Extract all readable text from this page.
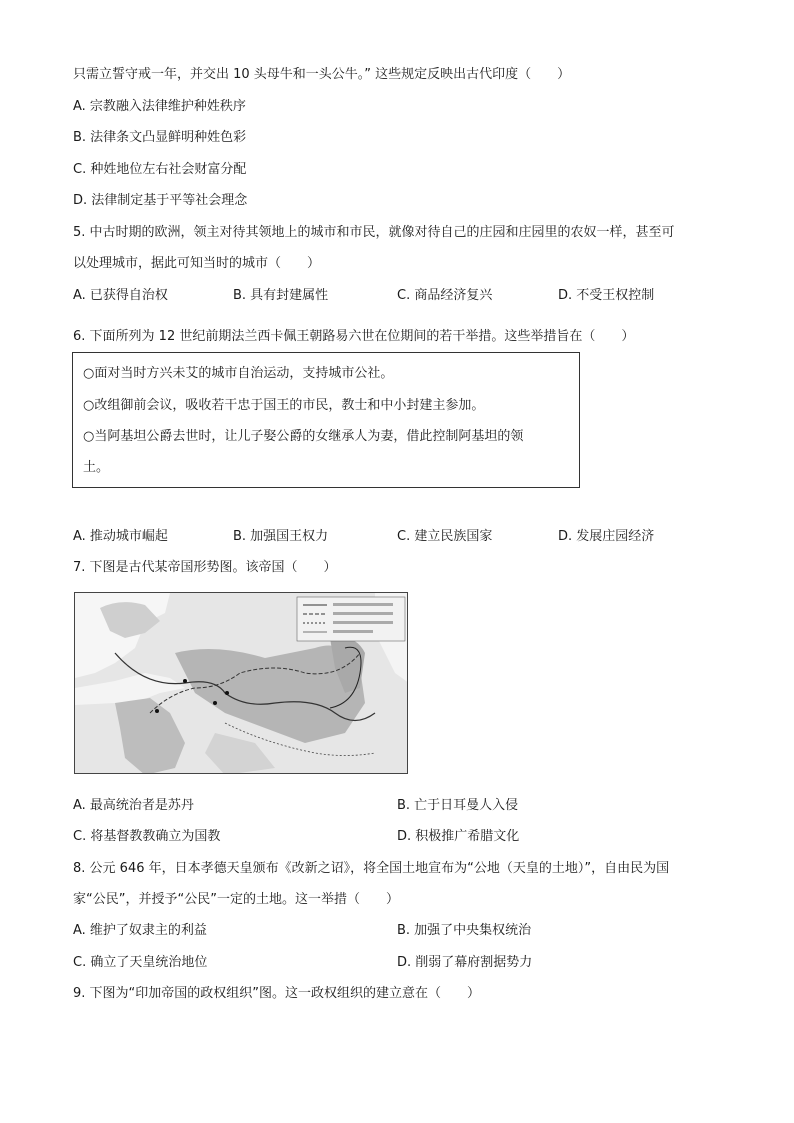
只需立誓守戒一年，并交出 10 头母牛和一头公牛。” 这些规定反映出古代印度（　　）
A. 宗教融入法律维护种姓秩序
B. 法律条文凸显鲜明种姓色彩
C. 种姓地位左右社会财富分配
D. 法律制定基于平等社会理念
5. 中古时期的欧洲，领主对待其领地上的城市和市民，就像对待自己的庄园和庄园里的农奴一样，甚至可
以处理城市，据此可知当时的城市（　　）
A. 已获得自治权	B. 具有封建属性	C. 商品经济复兴	D. 不受王权控制
6. 下面所列为 12 世纪前期法兰西卡佩王朝路易六世在位期间的若干举措。这些举措旨在（　　）
○面对当时方兴未艾的城市自治运动，支持城市公社。
○改组御前会议，吸收若干忠于国王的市民，教士和中小封建主参加。
○当阿基坦公爵去世时，让儿子娶公爵的女继承人为妻，借此控制阿基坦的领
土。
A. 推动城市崛起	B. 加强国王权力	C. 建立民族国家	D. 发展庄园经济
7. 下图是古代某帝国形势图。该帝国（　　）
A. 最高统治者是苏丹	B. 亡于日耳曼人入侵
C. 将基督教教确立为国教	D. 积极推广希腊文化
8. 公元 646 年，日本孝德天皇颁布《改新之诏》，将全国土地宣布为“公地（天皇的土地）”，自由民为国
家“公民”，并授予“公民”一定的土地。这一举措（　　）
A. 维护了奴隶主的利益	B. 加强了中央集权统治
C. 确立了天皇统治地位	D. 削弱了幕府割据势力
9. 下图为“印加帝国的政权组织”图。这一政权组织的建立意在（　　）
